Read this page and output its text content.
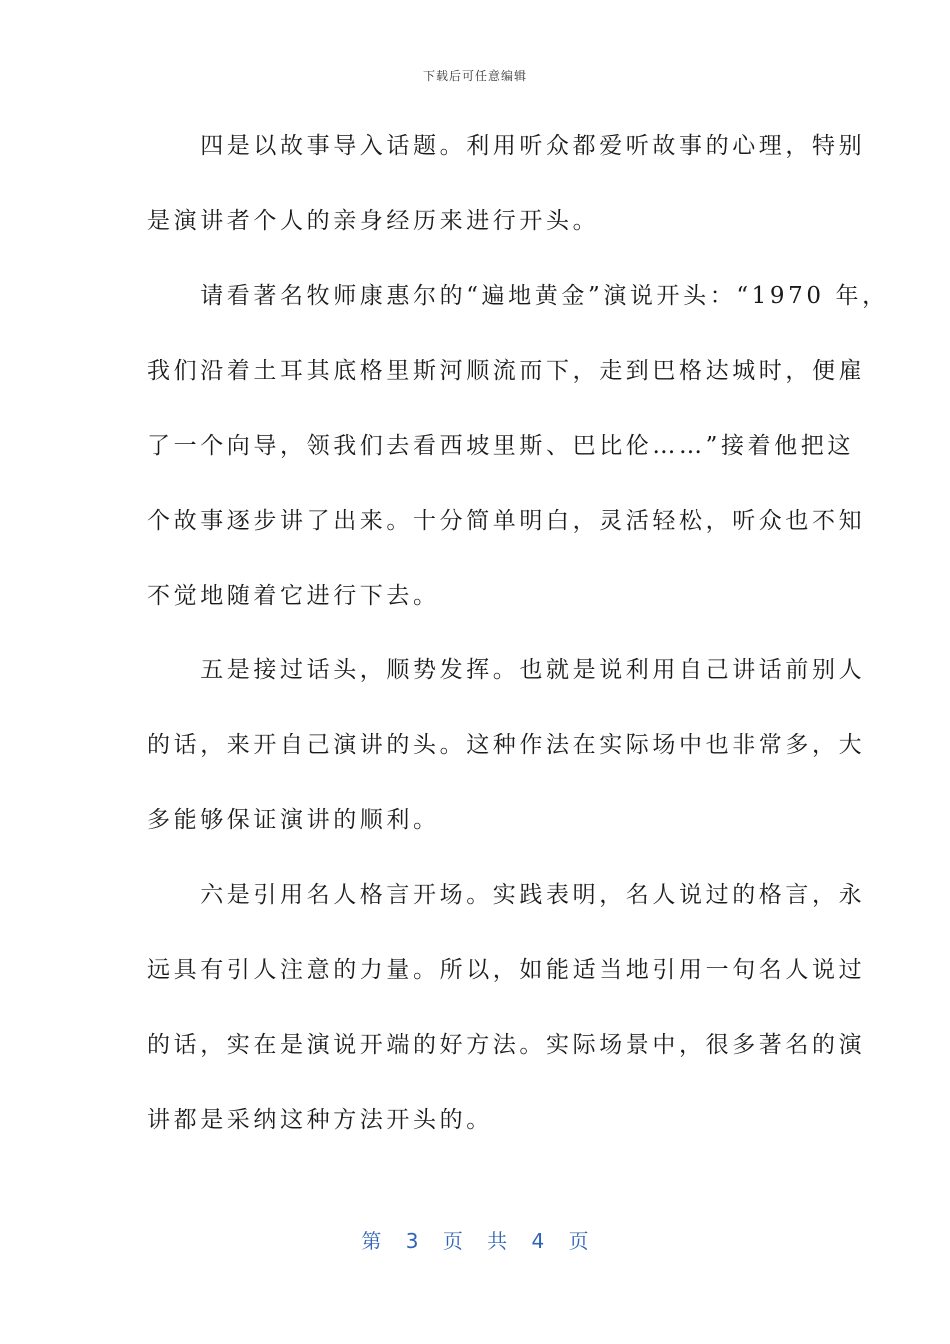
下载后可任意编辑
　　四是以故事导入话题。利用听众都爱听故事的心理，特别
是演讲者个人的亲身经历来进行开头。
　　请看著名牧师康惠尔的“遍地黄金”演说开头：“1970 年，
我们沿着土耳其底格里斯河顺流而下，走到巴格达城时，便雇
了一个向导，领我们去看西坡里斯、巴比伦……”接着他把这
个故事逐步讲了出来。十分简单明白，灵活轻松，听众也不知
不觉地随着它进行下去。
　　五是接过话头，顺势发挥。也就是说利用自己讲话前别人
的话，来开自己演讲的头。这种作法在实际场中也非常多，大
多能够保证演讲的顺利。
　　六是引用名人格言开场。实践表明，名人说过的格言，永
远具有引人注意的力量。所以，如能适当地引用一句名人说过
的话，实在是演说开端的好方法。实际场景中，很多著名的演
讲都是采纳这种方法开头的。
第 3 页 共 4 页
